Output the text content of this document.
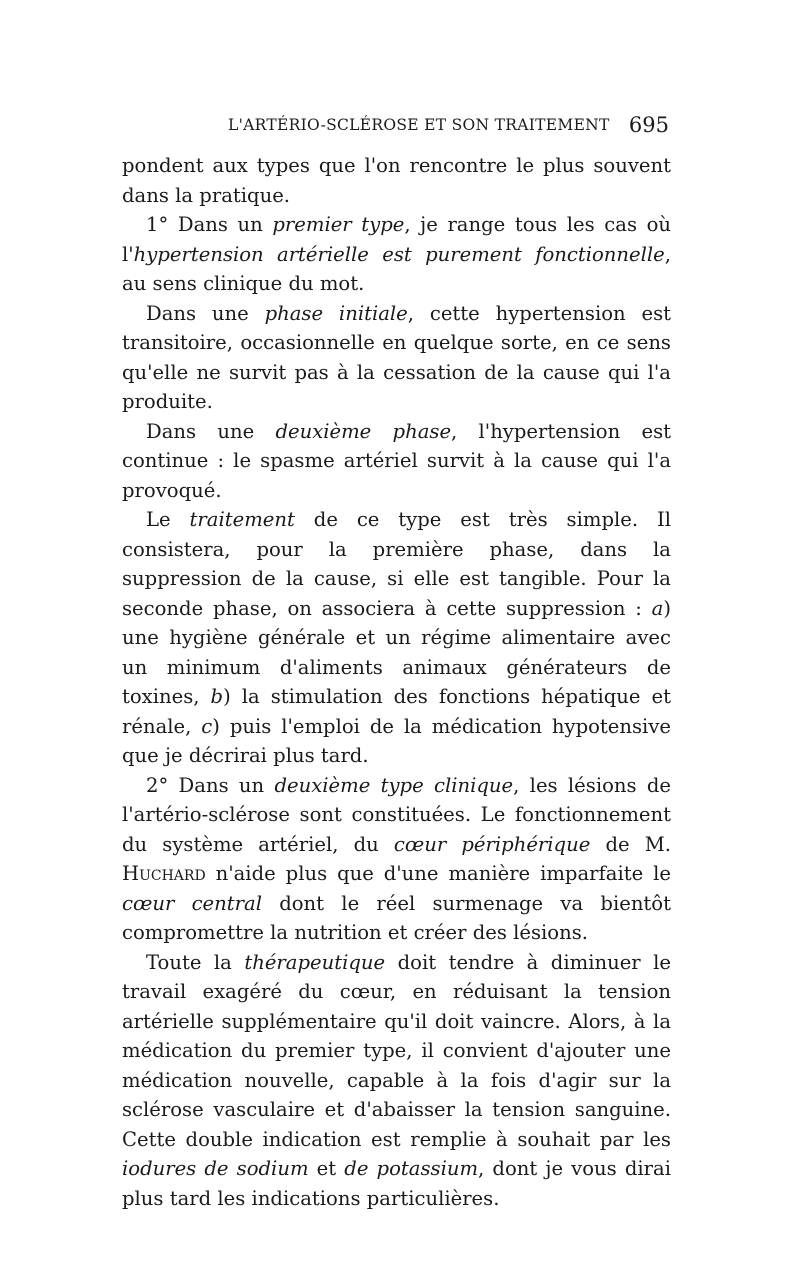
L'ARTÉRIO-SCLÉROSE ET SON TRAITEMENT 695

pondent aux types que l'on rencontre le plus souvent dans la pratique.

1° Dans un premier type, je range tous les cas où l'hypertension artérielle est purement fonctionnelle, au sens clinique du mot.

Dans une phase initiale, cette hypertension est transitoire, occasionnelle en quelque sorte, en ce sens qu'elle ne survit pas à la cessation de la cause qui l'a produite.

Dans une deuxième phase, l'hypertension est continue : le spasme artériel survit à la cause qui l'a provoqué.

Le traitement de ce type est très simple. Il consistera, pour la première phase, dans la suppression de la cause, si elle est tangible. Pour la seconde phase, on associera à cette suppression : a) une hygiène générale et un régime alimentaire avec un minimum d'aliments animaux générateurs de toxines, b) la stimulation des fonctions hépatique et rénale, c) puis l'emploi de la médication hypotensive que je décrirai plus tard.

2° Dans un deuxième type clinique, les lésions de l'artério-sclérose sont constituées. Le fonctionnement du système artériel, du cœur périphérique de M. Huchard n'aide plus que d'une manière imparfaite le cœur central dont le réel surmenage va bientôt compromettre la nutrition et créer des lésions.

Toute la thérapeutique doit tendre à diminuer le travail exagéré du cœur, en réduisant la tension artérielle supplémentaire qu'il doit vaincre. Alors, à la médication du premier type, il convient d'ajouter une médication nouvelle, capable à la fois d'agir sur la sclérose vasculaire et d'abaisser la tension sanguine. Cette double indication est remplie à souhait par les iodures de sodium et de potassium, dont je vous dirai plus tard les indications particulières.
